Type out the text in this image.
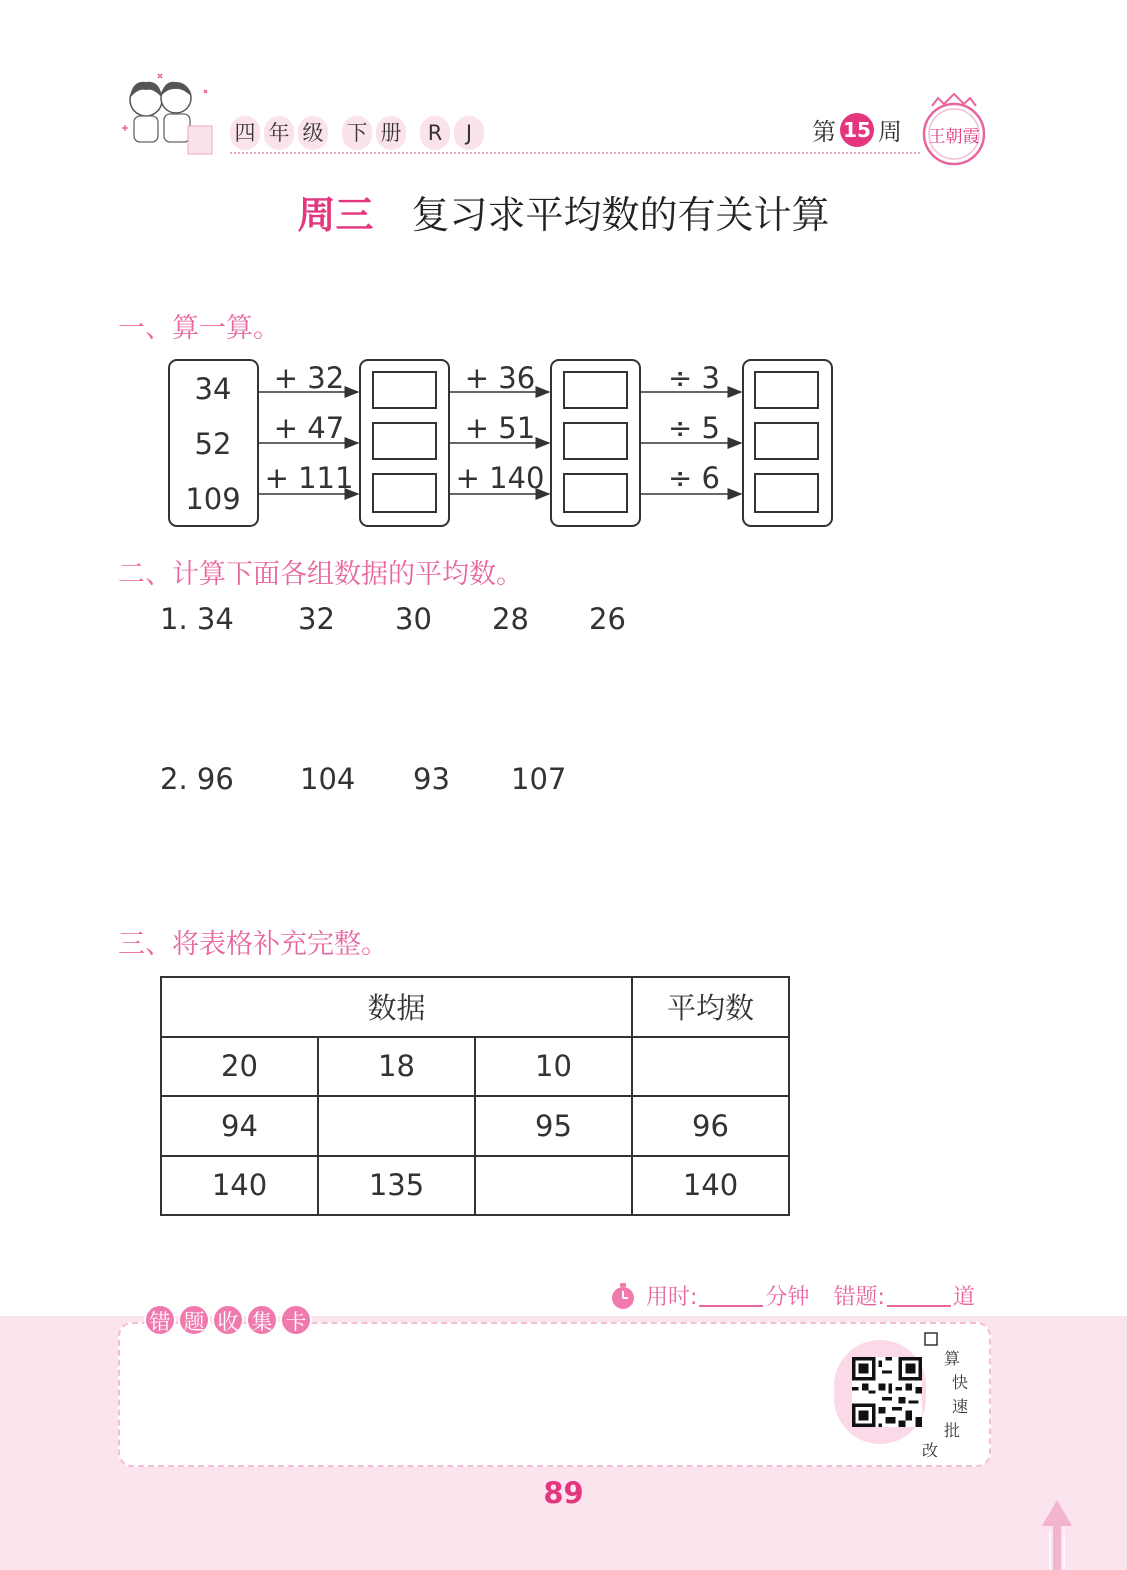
四 年 级 下 册	R	J	第 15 周 王朝霞
周三 复习求平均数的有关计算
一、算一算。
34
52
109
+ 32
+ 47
+ 111
+ 36
+ 51
+ 140
÷ 3
÷ 5
÷ 6
二、计算下面各组数据的平均数。
1. 34	32	30	28	26
2. 96	104	93	107
三、将表格补充完整。
数据			平均数
20	18	10	
94		95	96
140	135		140
用时:	分钟 错题:	道
错 题 收 集 卡
算
快
速
批
改
89
